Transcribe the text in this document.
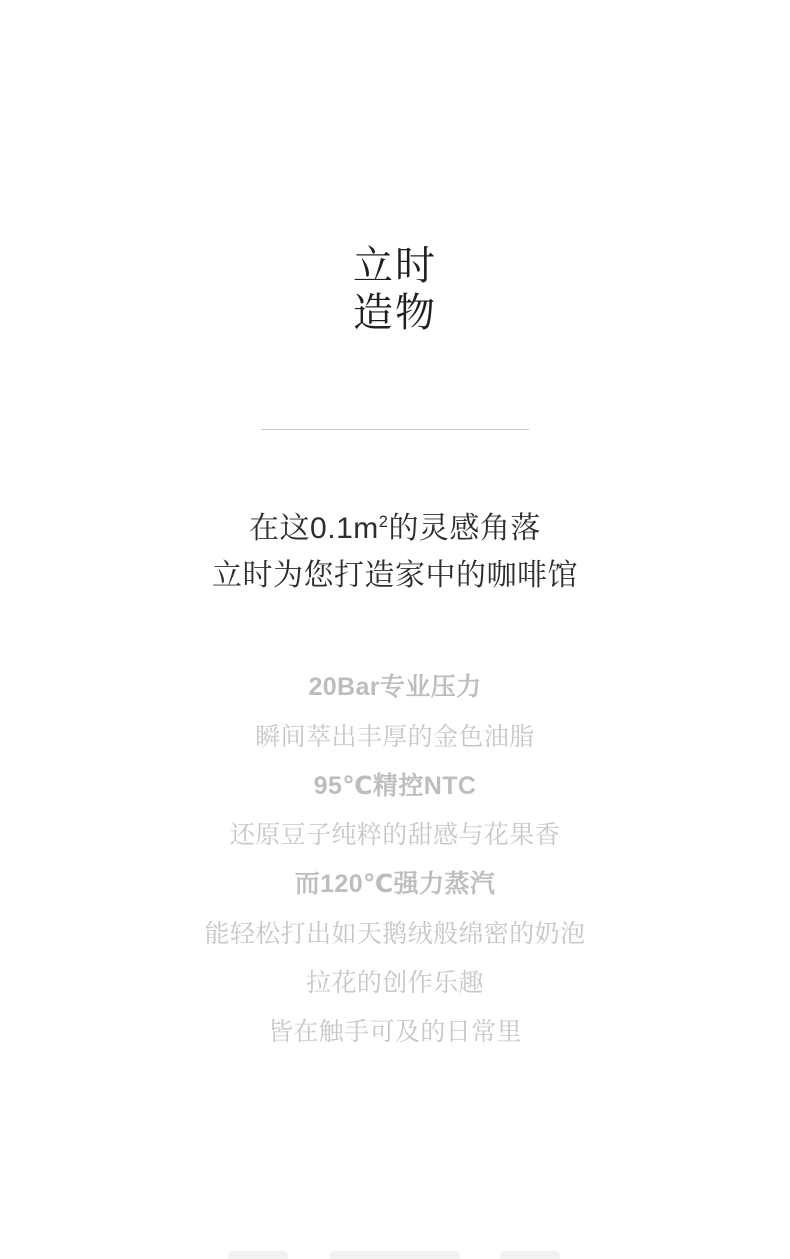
立时
造物
在这$0.1m^2$的灵感角落
立时为您打造家中的咖啡馆
20Bar专业压力
瞬间萃出丰厚的金色油脂
95℃精控NTC
还原豆子纯粹的甜感与花果香
而120℃强力蒸汽
能轻松打出如天鹅绒般绵密的奶泡
拉花的创作乐趣
皆在触手可及的日常里
